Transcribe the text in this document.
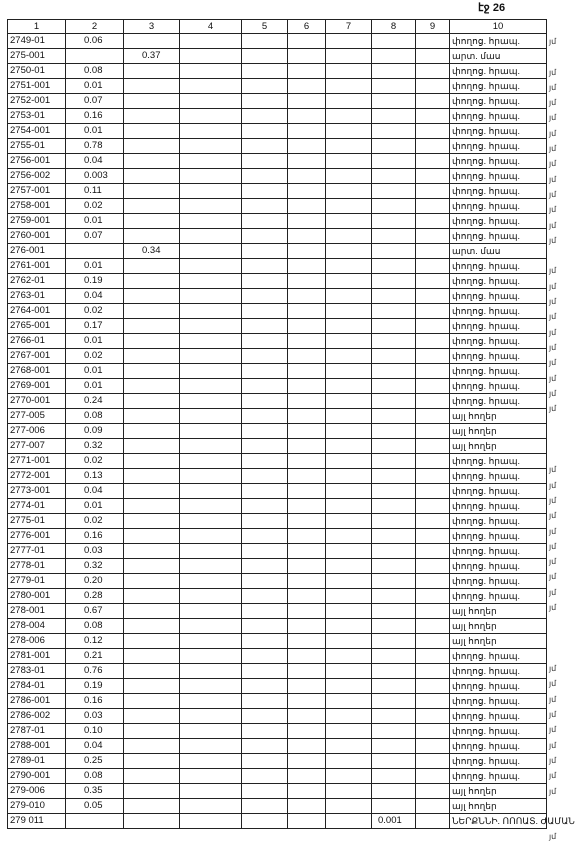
էջ 26
1	2	3	4	5	6	7	8	9	10
2749-01	0.06								փողոց. հրապ.
275-001		0.37							արտ. մաս
2750-01	0.08								փողոց. հրապ.
2751-001	0.01								փողոց. հրապ.
2752-001	0.07								փողոց. հրապ.
2753-01	0.16								փողոց. հրապ.
2754-001	0.01								փողոց. հրապ.
2755-01	0.78								փողոց. հրապ.
2756-001	0.04								փողոց. հրապ.
2756-002	0.003								փողոց. հրապ.
2757-001	0.11								փողոց. հրապ.
2758-001	0.02								փողոց. հրապ.
2759-001	0.01								փողոց. հրապ.
2760-001	0.07								փողոց. հրապ.
276-001		0.34							արտ. մաս
2761-001	0.01								փողոց. հրապ.
2762-01	0.19								փողոց. հրապ.
2763-01	0.04								փողոց. հրապ.
2764-001	0.02								փողոց. հրապ.
2765-001	0.17								փողոց. հրապ.
2766-01	0.01								փողոց. հրապ.
2767-001	0.02								փողոց. հրապ.
2768-001	0.01								փողոց. հրապ.
2769-001	0.01								փողոց. հրապ.
2770-001	0.24								փողոց. հրապ.
277-005	0.08								այլ հողեր
277-006	0.09								այլ հողեր
277-007	0.32								այլ հողեր
2771-001	0.02								փողոց. հրապ.
2772-001	0.13								փողոց. հրապ.
2773-001	0.04								փողոց. հրապ.
2774-01	0.01								փողոց. հրապ.
2775-01	0.02								փողոց. հրապ.
2776-001	0.16								փողոց. հրապ.
2777-01	0.03								փողոց. հրապ.
2778-01	0.32								փողոց. հրապ.
2779-01	0.20								փողոց. հրապ.
2780-001	0.28								փողոց. հրապ.
278-001	0.67								այլ հողեր
278-004	0.08								այլ հողեր
278-006	0.12								այլ հողեր
2781-001	0.21								փողոց. հրապ.
2783-01	0.76								փողոց. հրապ.
2784-01	0.19								փողոց. հրապ.
2786-001	0.16								փողոց. հրապ.
2786-002	0.03								փողոց. հրապ.
2787-01	0.10								փողոց. հրապ.
2788-001	0.04								փողոց. հրապ.
2789-01	0.25								փողոց. հրապ.
2790-001	0.08								փողոց. հրապ.
279-006	0.35								այլ հողեր
279-010	0.05								այլ հողեր
279 011							0.001		ՆԵՐՔՆՆԻ. ՈՈՈԱՏ. ԺԱՄԱՆ
յմ
յմ
յմ
յմ
յմ
յմ
յմ
յմ
յմ
յմ
յմ
յմ
յմ
յմ
յմ
յմ
յմ
յմ
յմ
յմ
յմ
յմ
յմ
յմ
յմ
յմ
յմ
յմ
յմ
յմ
յմ
յմ
յմ
յմ
յմ
յմ
յմ
յմ
յմ
յմ
յմ
յմ
յմ
